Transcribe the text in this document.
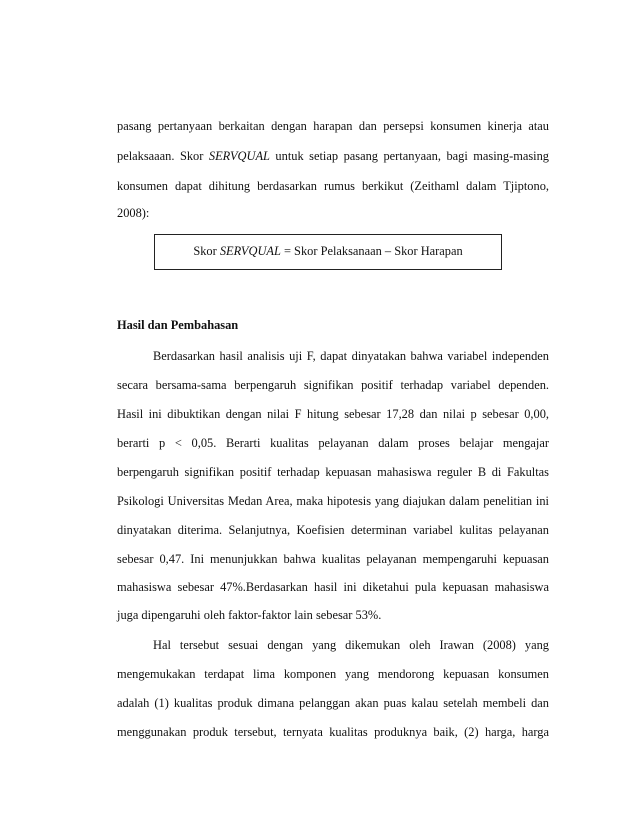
pasang pertanyaan berkaitan dengan harapan dan persepsi konsumen kinerja atau
pelaksaaan. Skor SERVQUAL untuk setiap pasang pertanyaan, bagi masing-masing
konsumen dapat dihitung berdasarkan rumus berkikut (Zeithaml dalam Tjiptono,
2008):
Skor SERVQUAL = Skor Pelaksanaan – Skor Harapan
Hasil dan Pembahasan
Berdasarkan hasil analisis uji F, dapat dinyatakan bahwa variabel independen
secara bersama-sama berpengaruh signifikan positif terhadap variabel dependen.
Hasil ini dibuktikan dengan nilai F hitung sebesar 17,28 dan nilai p sebesar 0,00,
berarti p < 0,05. Berarti kualitas pelayanan dalam proses belajar mengajar
berpengaruh signifikan positif terhadap kepuasan mahasiswa reguler B di Fakultas
Psikologi Universitas Medan Area, maka hipotesis yang diajukan dalam penelitian ini
dinyatakan diterima. Selanjutnya, Koefisien determinan variabel kulitas pelayanan
sebesar 0,47. Ini menunjukkan bahwa kualitas pelayanan mempengaruhi kepuasan
mahasiswa sebesar 47%.Berdasarkan hasil ini diketahui pula kepuasan mahasiswa
juga dipengaruhi oleh faktor-faktor lain sebesar 53%.
Hal tersebut sesuai dengan yang dikemukan oleh Irawan (2008) yang
mengemukakan terdapat lima komponen yang mendorong kepuasan konsumen
adalah (1) kualitas produk dimana pelanggan akan puas kalau setelah membeli dan
menggunakan produk tersebut, ternyata kualitas produknya baik, (2) harga, harga
